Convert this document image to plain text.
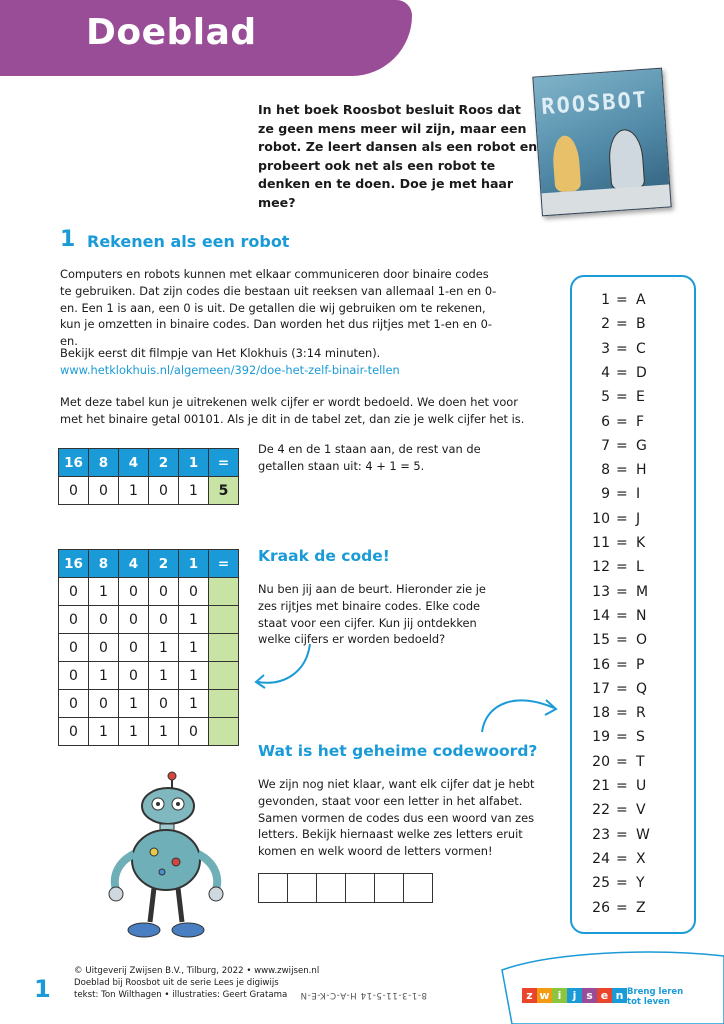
Doeblad
ROOSBOT

In het boek Roosbot besluit Roos dat ze geen mens meer wil zijn, maar een robot. Ze leert dansen als een robot en probeert ook net als een robot te denken en te doen. Doe je met haar mee?

1 Rekenen als een robot

Computers en robots kunnen met elkaar communiceren door binaire codes te gebruiken. Dat zijn codes die bestaan uit reeksen van allemaal 1-en en 0-en. Een 1 is aan, een 0 is uit. De getallen die wij gebruiken om te rekenen, kun je omzetten in binaire codes. Dan worden het dus rijtjes met 1-en en 0-en.

Bekijk eerst dit filmpje van Het Klokhuis (3:14 minuten).

www.hetklokhuis.nl/algemeen/392/doe-het-zelf-binair-tellen

Met deze tabel kun je uitrekenen welk cijfer er wordt bedoeld. We doen het voor met het binaire getal 00101. Als je dit in de tabel zet, dan zie je welk cijfer het is.

16	8	4	2	1	=
0	0	1	0	1	5

De 4 en de 1 staan aan, de rest van de getallen staan uit: 4 + 1 = 5.

16	8	4	2	1	=
0	1	0	0	0	
0	0	0	0	1	
0	0	0	1	1	
0	1	0	1	1	
0	0	1	0	1	
0	1	1	1	0	
Kraak de code!

Nu ben jij aan de beurt. Hieronder zie je zes rijtjes met binaire codes. Elke code staat voor een cijfer. Kun jij ontdekken welke cijfers er worden bedoeld?

Wat is het geheime codewoord?

We zijn nog niet klaar, want elk cijfer dat je hebt gevonden, staat voor een letter in het alfabet. Samen vormen de codes dus een woord van zes letters. Bekijk hiernaast welke zes letters eruit komen en welk woord de letters vormen!

1 = A
2 = B
3 = C
4 = D
5 = E
6 = F
7 = G
8 = H
9 = I
10 = J
11 = K
12 = L
13 = M
14 = N
15 = O
16 = P
17 = Q
18 = R
19 = S
20 = T
21 = U
22 = V
23 = W
24 = X
25 = Y
26 = Z
1

© Uitgeverij Zwijsen B.V., Tilburg, 2022 • www.zwijsen.nl
Doeblad bij Roosbot uit de serie Lees je digiwijs
tekst: Ton Wilthagen • illustraties: Geert Gratama	8-1-3-11-5-14 H-A-C-K-E-N	z w i	j s e n Breng leren
tot leven
